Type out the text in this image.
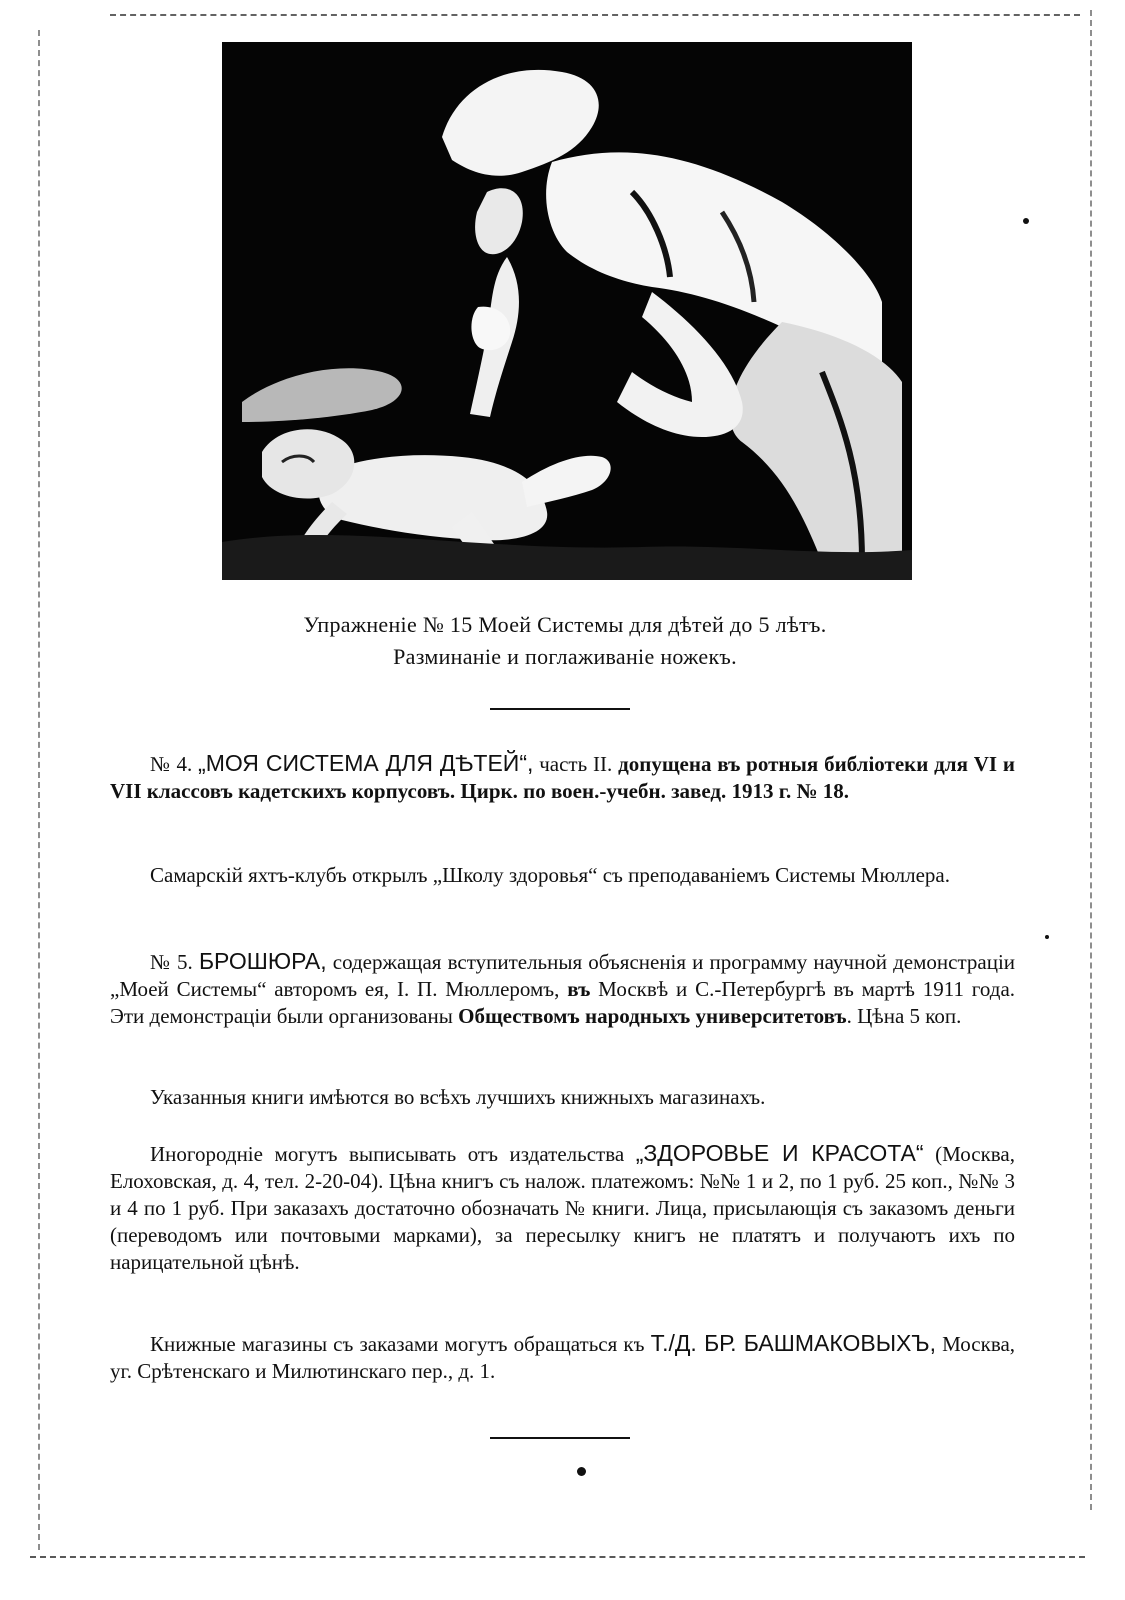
Упражненіе № 15 Моей Системы для дѣтей до 5 лѣтъ.
Разминаніе и поглаживаніе ножекъ.
№ 4. „МОЯ СИСТЕМА ДЛЯ ДѢТЕЙ“, часть II. допущена въ ротныя библіотеки для VI и VII классовъ кадетскихъ корпусовъ. Цирк. по воен.-учебн. завед. 1913 г. № 18.
Самарскій яхтъ-клубъ открылъ „Школу здоровья“ съ преподаваніемъ Системы Мюллера.
№ 5. БРОШЮРА, содержащая вступительныя объясненія и программу научной демонстраціи „Моей Системы“ авторомъ ея, І. П. Мюллеромъ, въ Москвѣ и С.-Петербургѣ въ мартѣ 1911 года. Эти демонстраціи были организованы Обществомъ народныхъ университетовъ. Цѣна 5 коп.
Указанныя книги имѣются во всѣхъ лучшихъ книжныхъ магазинахъ.
Иногородніе могутъ выписывать отъ издательства „ЗДОРОВЬЕ И КРАСОТА“ (Москва, Елоховская, д. 4, тел. 2-20-04). Цѣна книгъ съ налож. платежомъ: №№ 1 и 2, по 1 руб. 25 коп., №№ 3 и 4 по 1 руб. При заказахъ достаточно обозначать № книги. Лица, присылающія съ заказомъ деньги (переводомъ или почтовыми марками), за пересылку книгъ не платятъ и получаютъ ихъ по нарицательной цѣнѣ.
Книжные магазины съ заказами могутъ обращаться къ Т./Д. БР. БАШМАКОВЫХЪ, Москва, уг. Срѣтенскаго и Милютинскаго пер., д. 1.
